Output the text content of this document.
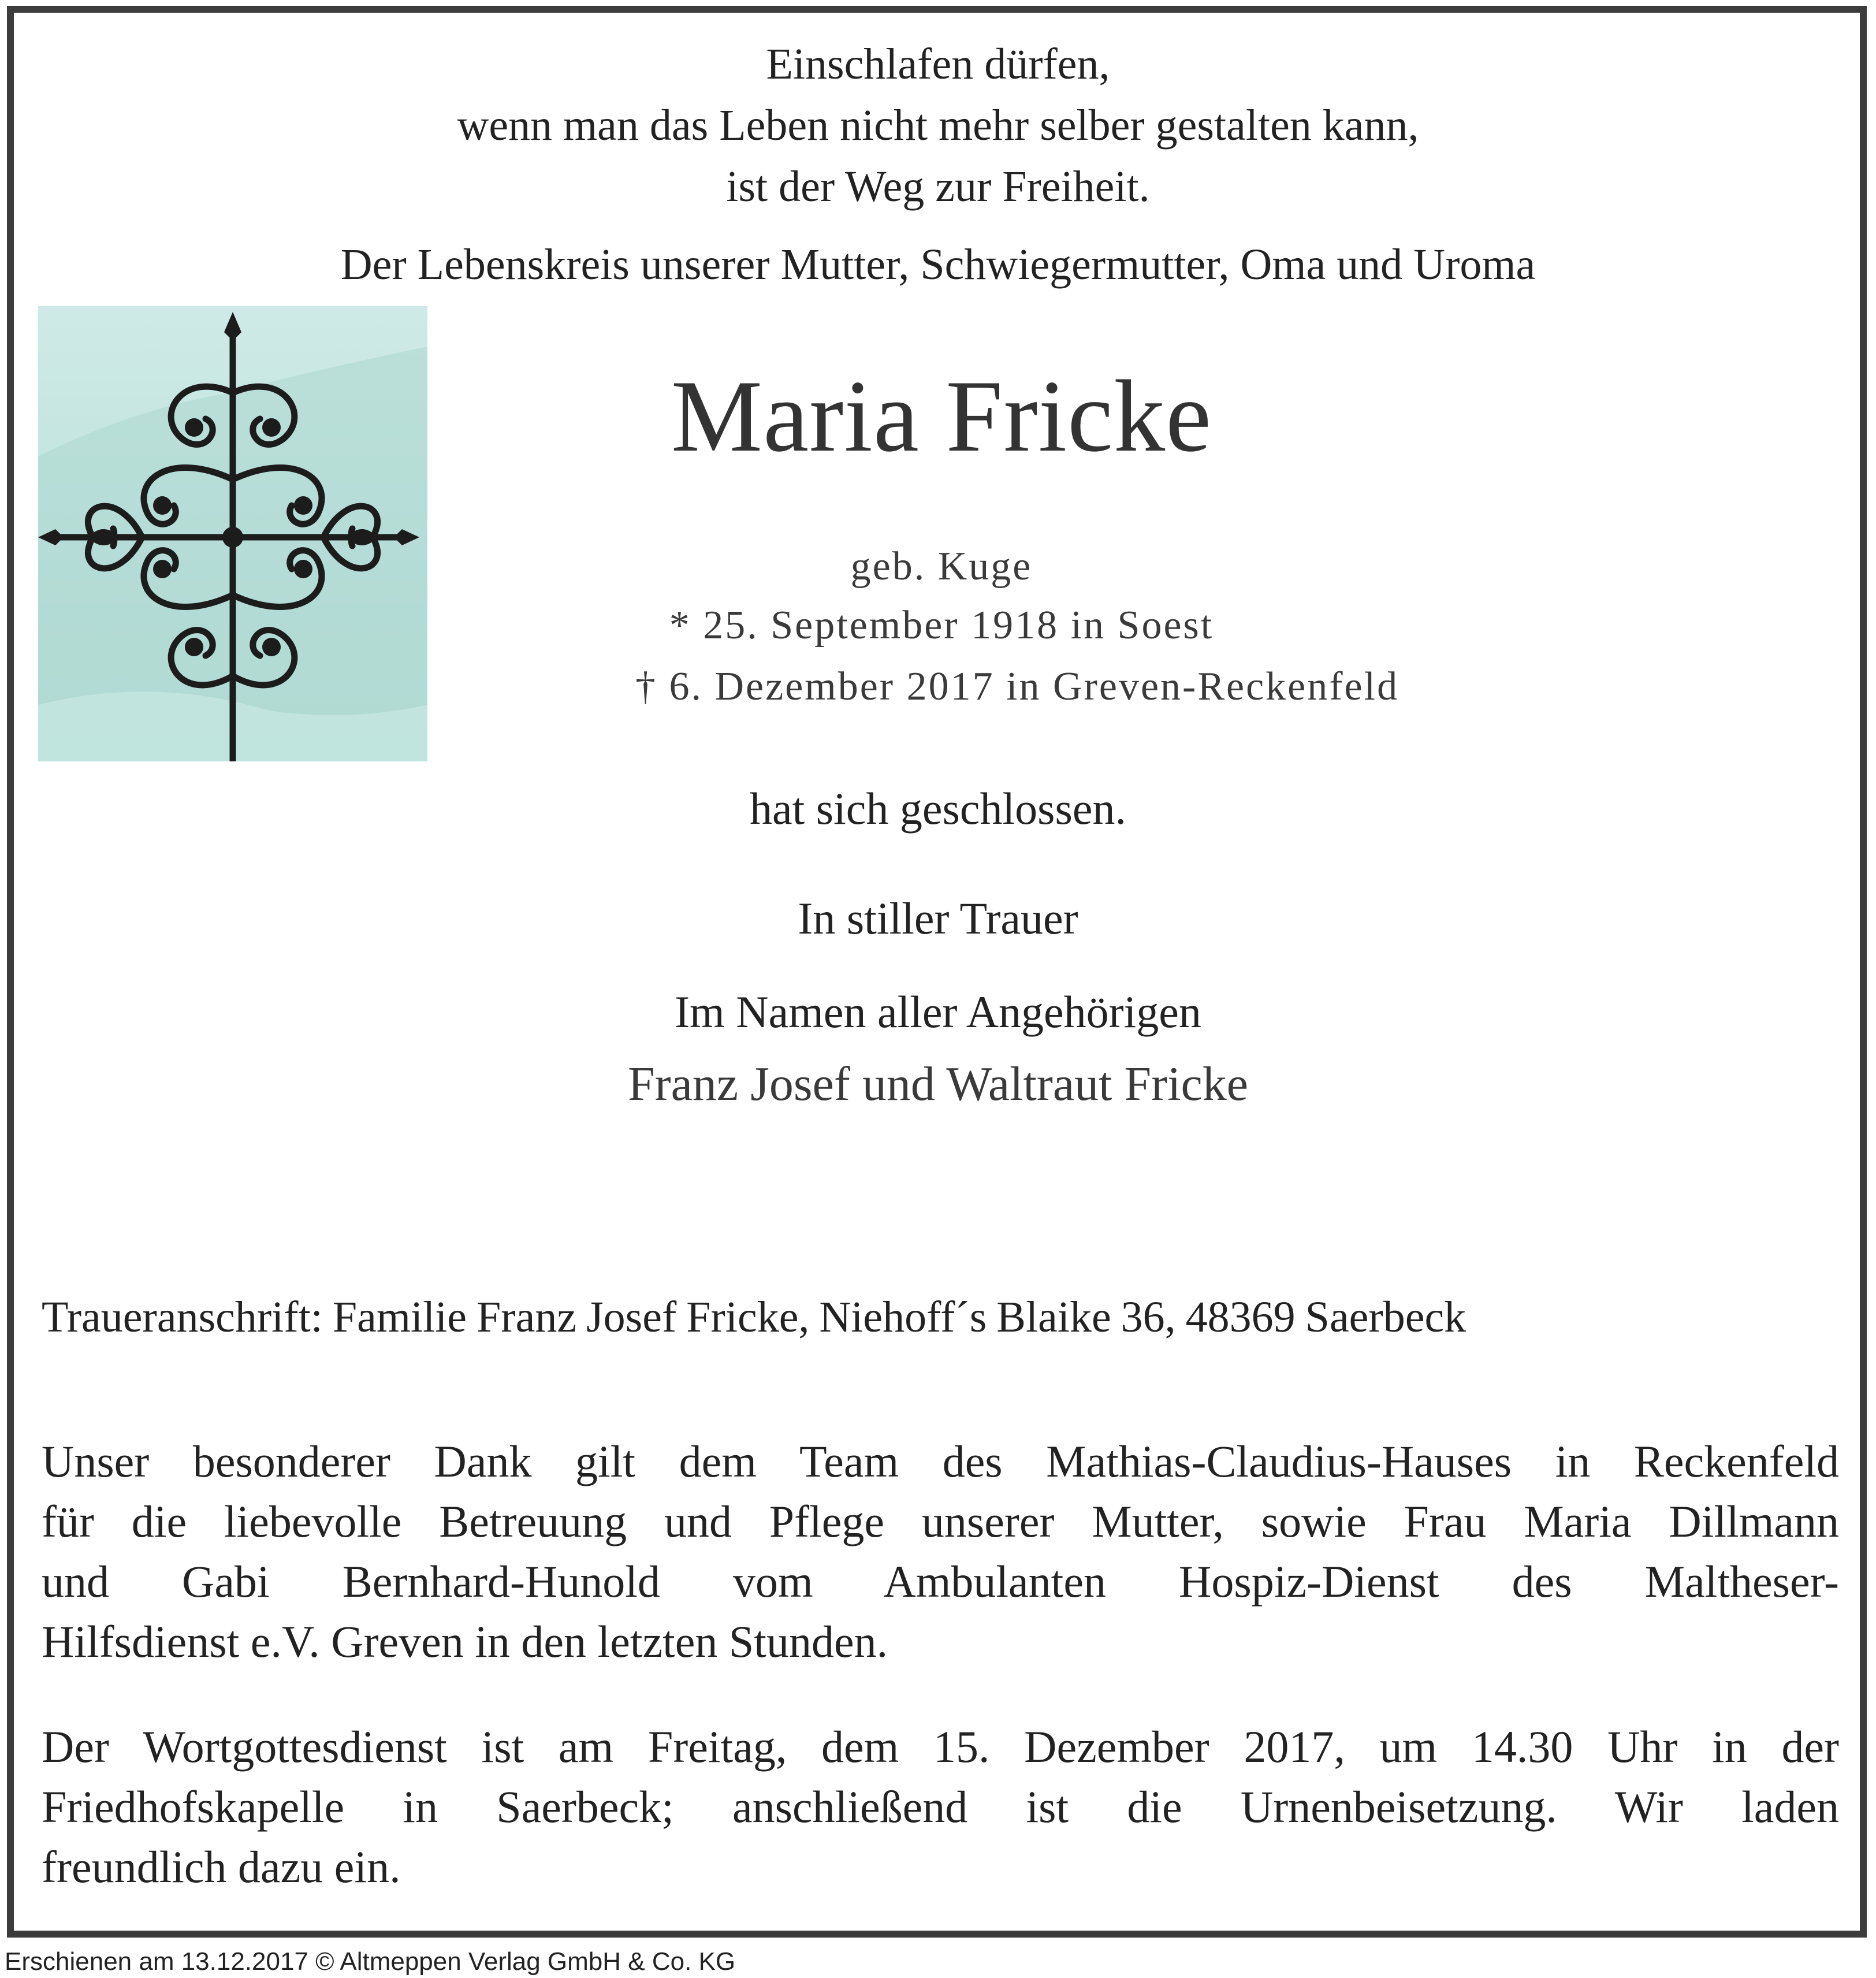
Einschlafen dürfen,
wenn man das Leben nicht mehr selber gestalten kann,
ist der Weg zur Freiheit.
Der Lebenskreis unserer Mutter, Schwiegermutter, Oma und Uroma
Maria Fricke
geb. Kuge
* 25. September 1918 in Soest
† 6. Dezember 2017 in Greven-Reckenfeld
hat sich geschlossen.
In stiller Trauer
Im Namen aller Angehörigen
Franz Josef und Waltraut Fricke
Traueranschrift: Familie Franz Josef Fricke, Niehoff´s Blaike 36, 48369 Saerbeck
Unser besonderer Dank gilt dem Team des Mathias-Claudius-Hauses in Reckenfeld
für die liebevolle Betreuung und Pflege unserer Mutter, sowie Frau Maria Dillmann
und Gabi Bernhard-Hunold vom Ambulanten Hospiz-Dienst des Maltheser-
Hilfsdienst e.V. Greven in den letzten Stunden.
Der Wortgottesdienst ist am Freitag, dem 15. Dezember 2017, um 14.30 Uhr in der
Friedhofskapelle in Saerbeck; anschließend ist die Urnenbeisetzung. Wir laden
freundlich dazu ein.
Erschienen am 13.12.2017 © Altmeppen Verlag GmbH & Co. KG
